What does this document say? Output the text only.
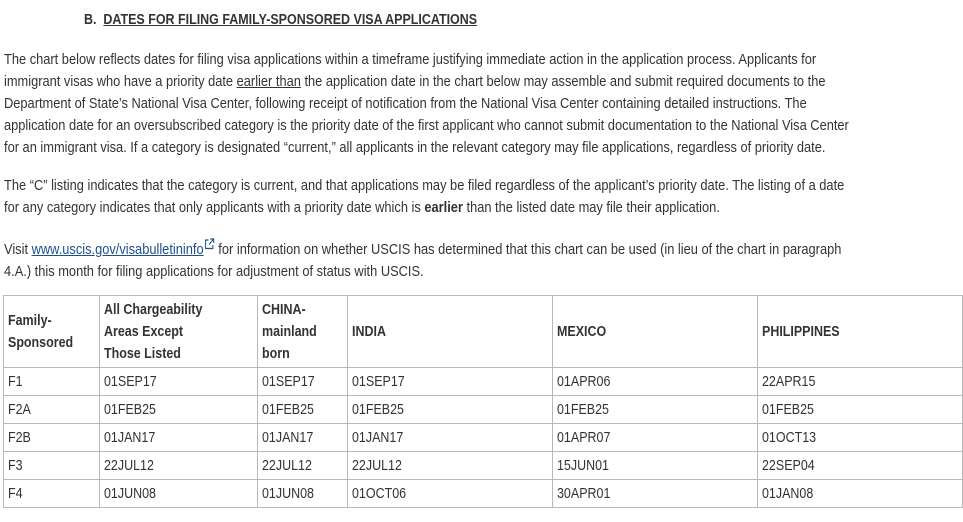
B. DATES FOR FILING FAMILY-SPONSORED VISA APPLICATIONS

The chart below reflects dates for filing visa applications within a timeframe justifying immediate action in the application process. Applicants for
immigrant visas who have a priority date earlier than the application date in the chart below may assemble and submit required documents to the
Department of State’s National Visa Center, following receipt of notification from the National Visa Center containing detailed instructions. The
application date for an oversubscribed category is the priority date of the first applicant who cannot submit documentation to the National Visa Center
for an immigrant visa. If a category is designated “current,” all applicants in the relevant category may file applications, regardless of priority date.

The “C” listing indicates that the category is current, and that applications may be filed regardless of the applicant’s priority date. The listing of a date
for any category indicates that only applicants with a priority date which is earlier than the listed date may file their application.

Visit www.uscis.gov/visabulletininfo for information on whether USCIS has determined that this chart can be used (in lieu of the chart in paragraph
4.A.) this month for filing applications for adjustment of status with USCIS.

Family-Sponsored	All Chargeability Areas Except Those Listed	CHINA-mainland born	INDIA	MEXICO	PHILIPPINES
F1	01SEP17	01SEP17	01SEP17	01APR06	22APR15
F2A	01FEB25	01FEB25	01FEB25	01FEB25	01FEB25
F2B	01JAN17	01JAN17	01JAN17	01APR07	01OCT13
F3	22JUL12	22JUL12	22JUL12	15JUN01	22SEP04
F4	01JUN08	01JUN08	01OCT06	30APR01	01JAN08
